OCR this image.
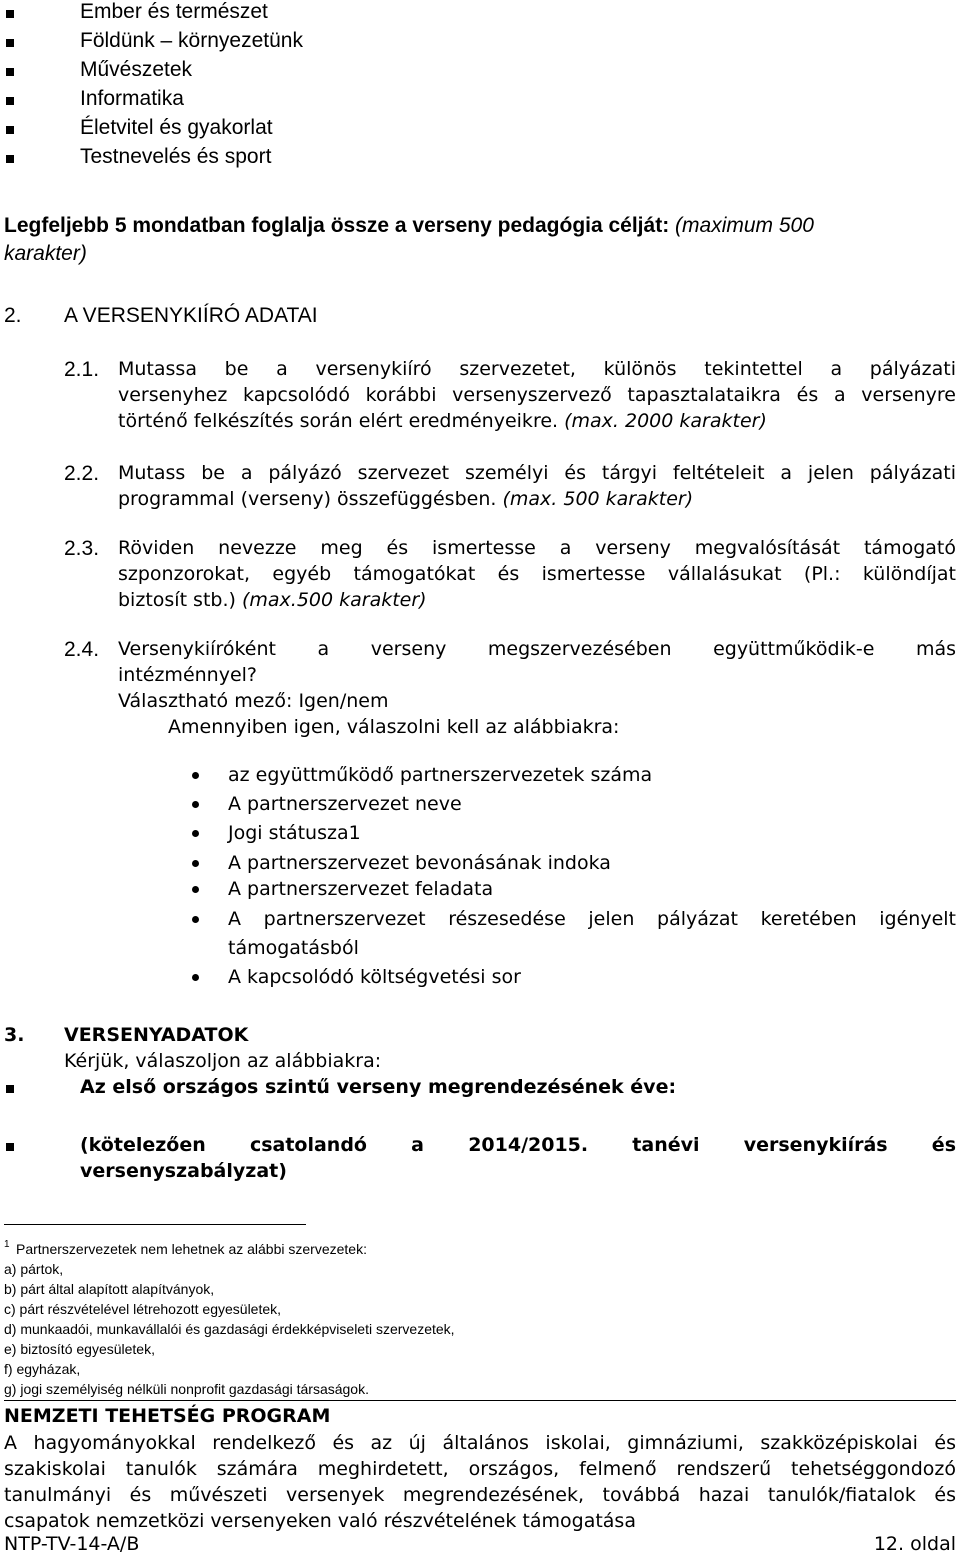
Ember és természet
Földünk – környezetünk
Művészetek
Informatika
Életvitel és gyakorlat
Testnevelés és sport
Legfeljebb 5 mondatban foglalja össze a verseny pedagógia célját: (maximum 500
karakter)
2. A VERSENYKIÍRÓ ADATAI
2.1. Mutassa be a versenykiíró szervezetet, különös tekintettel a pályázati
versenyhez kapcsolódó korábbi versenyszervező tapasztalataikra és a versenyre
történő felkészítés során elért eredményeikre. (max. 2000 karakter)
2.2. Mutass be a pályázó szervezet személyi és tárgyi feltételeit a jelen pályázati
programmal (verseny) összefüggésben. (max. 500 karakter)
2.3. Röviden nevezze meg és ismertesse a verseny megvalósítását támogató
szponzorokat, egyéb támogatókat és ismertesse vállalásukat (Pl.: különdíjat
biztosít stb.) (max.500 karakter)
2.4. Versenykiíróként a verseny megszervezésében együttműködik-e más
intézménnyel?
Választható mező: Igen/nem
Amennyiben igen, válaszolni kell az alábbiakra:
az együttműködő partnerszervezetek száma
A partnerszervezet neve
Jogi státusza1
A partnerszervezet bevonásának indoka
A partnerszervezet feladata
A partnerszervezet részesedése jelen pályázat keretében igényelt
támogatásból
A kapcsolódó költségvetési sor
3. VERSENYADATOK
Kérjük, válaszoljon az alábbiakra:
Az első országos szintű verseny megrendezésének éve:
(kötelezően csatolandó a 2014/2015. tanévi versenykiírás és
versenyszabályzat)
1 Partnerszervezetek nem lehetnek az alábbi szervezetek:
a) pártok,
b) párt által alapított alapítványok,
c) párt részvételével létrehozott egyesületek,
d) munkaadói, munkavállalói és gazdasági érdekképviseleti szervezetek,
e) biztosító egyesületek,
f) egyházak,
g) jogi személyiség nélküli nonprofit gazdasági társaságok.
NEMZETI TEHETSÉG PROGRAM
A hagyományokkal rendelkező és az új általános iskolai, gimnáziumi, szakközépiskolai és
szakiskolai tanulók számára meghirdetett, országos, felmenő rendszerű tehetséggondozó
tanulmányi és művészeti versenyek megrendezésének, továbbá hazai tanulók/fiatalok és
csapatok nemzetközi versenyeken való részvételének támogatása
NTP-TV-14-A/B	12. oldal
